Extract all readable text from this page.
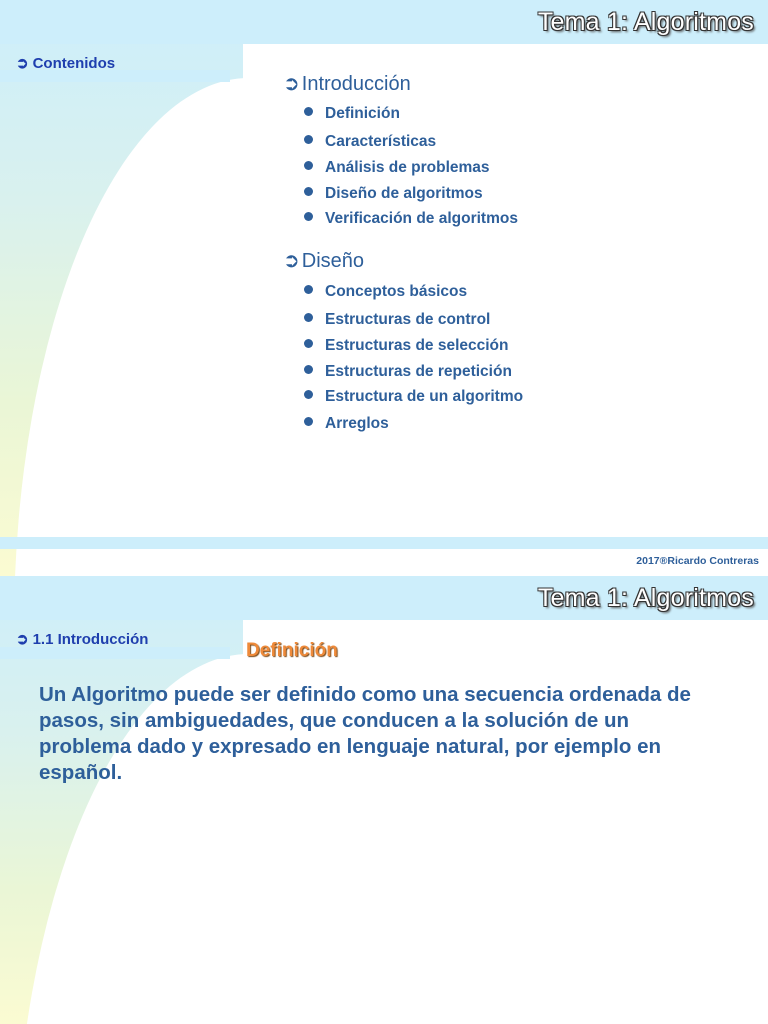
Tema 1: Algoritmos
➲ Contenidos
➲ Introducción
Definición
Características
Análisis de problemas
Diseño de algoritmos
Verificación de algoritmos
➲ Diseño
Conceptos básicos
Estructuras de control
Estructuras de selección
Estructuras de repetición
Estructura de un algoritmo
Arreglos
2017®Ricardo Contreras
Tema 1: Algoritmos
➲ 1.1 Introducción
Definición
Un Algoritmo puede ser definido como una secuencia ordenada de pasos, sin ambiguedades, que conducen a la solución de un problema dado y expresado en lenguaje natural, por ejemplo en español.
